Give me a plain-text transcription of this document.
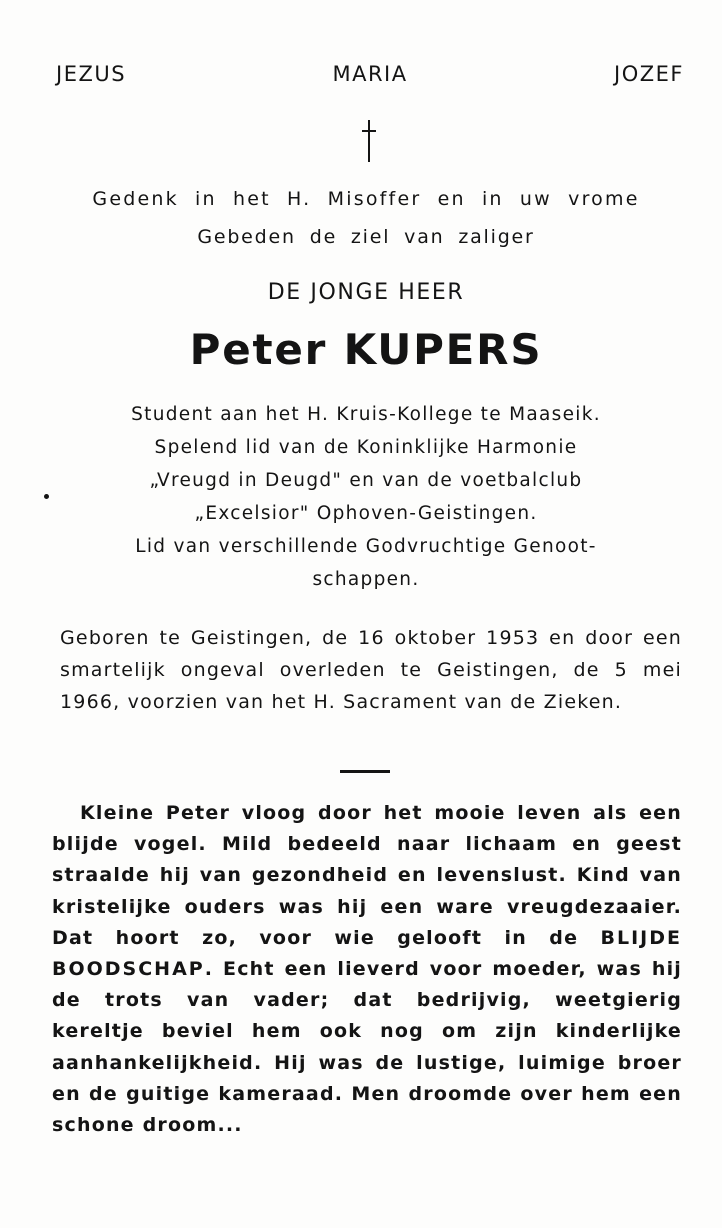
JEZUS	MARIA	JOZEF
Gedenk in het H. Misoffer en in uw vrome
Gebeden de ziel van zaliger
DE JONGE HEER
Peter KUPERS
Student aan het H. Kruis-Kollege te Maaseik.
Spelend lid van de Koninklijke Harmonie
„Vreugd in Deugd" en van de voetbalclub
„Excelsior" Ophoven-Geistingen.
Lid van verschillende Godvruchtige Genoot-
schappen.
Geboren te Geistingen, de 16 oktober 1953 en door een smartelijk ongeval overleden te Geistingen, de 5 mei 1966, voorzien van het H. Sacrament van de Zieken.
Kleine Peter vloog door het mooie leven als een blijde vogel. Mild bedeeld naar lichaam en geest straalde hij van gezondheid en levenslust. Kind van kristelijke ouders was hij een ware vreugdezaaier. Dat hoort zo, voor wie gelooft in de BLIJDE BOODSCHAP. Echt een lieverd voor moeder, was hij de trots van vader; dat bedrijvig, weetgierig kereltje beviel hem ook nog om zijn kinderlijke aanhankelijkheid. Hij was de lustige, luimige broer en de guitige kameraad. Men droomde over hem een schone droom...
